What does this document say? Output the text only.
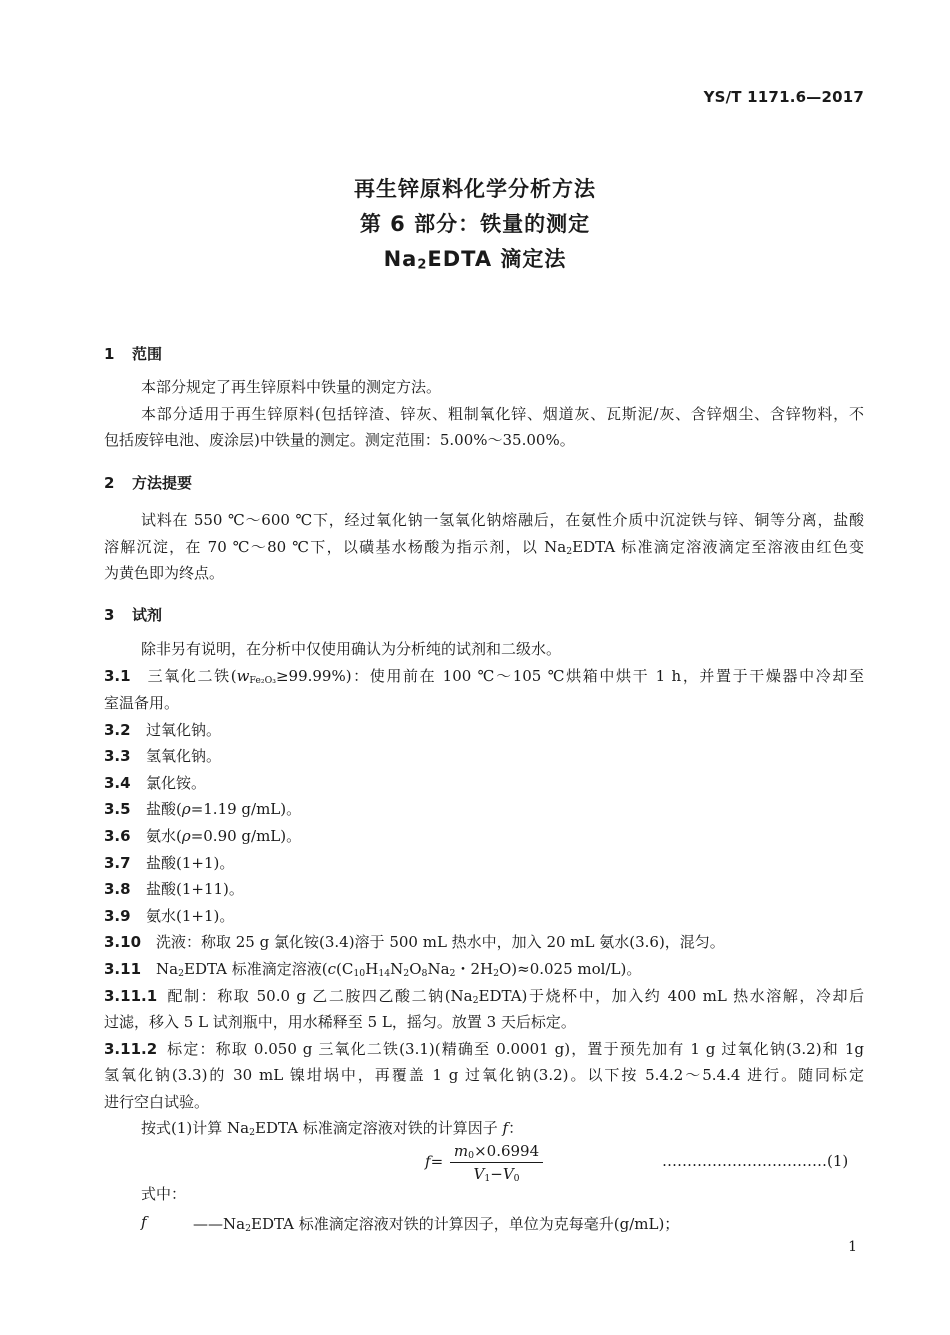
YS/T 1171.6—2017
再生锌原料化学分析方法
第 6 部分：铁量的测定
$Na_2EDTA$ 滴定法
1 范围
本部分规定了再生锌原料中铁量的测定方法。
本部分适用于再生锌原料(包括锌渣、锌灰、粗制氧化锌、烟道灰、瓦斯泥/灰、含锌烟尘、含锌物料，不
包括废锌电池、废涂层)中铁量的测定。测定范围：5.00%～35.00%。
2 方法提要
试料在 550 ℃～600 ℃下，经过氧化钠一氢氧化钠熔融后，在氨性介质中沉淀铁与锌、铜等分离，盐酸
溶解沉淀，在 70 ℃～80 ℃下，以磺基水杨酸为指示剂，以 $Na_2EDTA$ 标准滴定溶液滴定至溶液由红色变
为黄色即为终点。
3 试剂
除非另有说明，在分析中仅使用确认为分析纯的试剂和二级水。
3.1 三氧化二铁$(w_{Fe_2O_3}\ge 99.99\%)$：使用前在 100 ℃～105 ℃烘箱中烘干 1 h，并置于干燥器中冷却至
室温备用。
3.2 过氧化钠。
3.3 氢氧化钠。
3.4 氯化铵。
3.5 盐酸(ρ=1.19 g/mL)。
3.6 氨水(ρ=0.90 g/mL)。
3.7 盐酸(1+1)。
3.8 盐酸(1+11)。
3.9 氨水(1+1)。
3.10 洗液：称取 25 g 氯化铵(3.4)溶于 500 mL 热水中，加入 20 mL 氨水(3.6)，混匀。
3.11 $Na_2EDTA$ 标准滴定溶液($c(C_{10}H_{14}N_2O_8Na_2$・$2H_2O)\approx 0.025$ mol/L)。
3.11.1 配制：称取 50.0 g 乙二胺四乙酸二钠$(Na_2EDTA)$于烧杯中，加入约 400 mL 热水溶解，冷却后
过滤，移入 5 L 试剂瓶中，用水稀释至 5 L，摇匀。放置 3 天后标定。
3.11.2 标定：称取 0.050 g 三氧化二铁(3.1)(精确至 0.0001 g)，置于预先加有 1 g 过氧化钠(3.2)和 1g
氢氧化钠(3.3)的 30 mL 镍坩埚中，再覆盖 1 g 过氧化钠(3.2)。以下按 5.4.2～5.4.4 进行。随同标定
进行空白试验。
按式(1)计算 $Na_2EDTA$ 标准滴定溶液对铁的计算因子 f：
$f= \frac{m_0\times 0.6994}{V_1-V_0}$	……………………………(1)
式中：
f	$——Na_2EDTA$ 标准滴定溶液对铁的计算因子，单位为克每毫升(g/mL)；
1
